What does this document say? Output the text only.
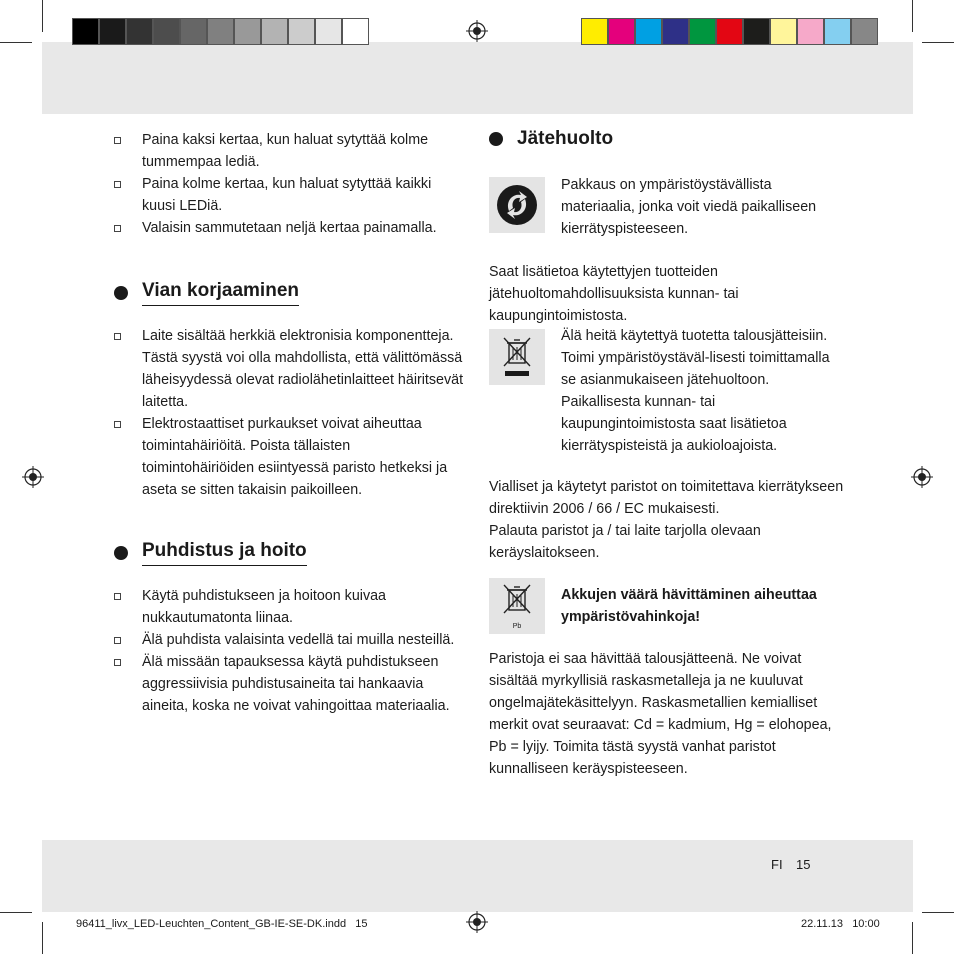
Paina kaksi kertaa, kun haluat sytyttää kolme tummempaa lediä.
Paina kolme kertaa, kun haluat sytyttää kaikki kuusi LEDiä.
Valaisin sammutetaan neljä kertaa painamalla.
Vian korjaaminen
Laite sisältää herkkiä elektronisia komponentteja. Tästä syystä voi olla mahdollista, että välittömässä läheisyydessä olevat radiolähetinlaitteet häiritsevät laitetta.
Elektrostaattiset purkaukset voivat aiheuttaa toimintahäiriöitä. Poista tällaisten toimintohäiriöiden esiintyessä paristo hetkeksi ja aseta se sitten takaisin paikoilleen.
Puhdistus ja hoito
Käytä puhdistukseen ja hoitoon kuivaa nukkautumatonta liinaa.
Älä puhdista valaisinta vedellä tai muilla nesteillä.
Älä missään tapauksessa käytä puhdistukseen aggressiivisia puhdistusaineita tai hankaavia aineita, koska ne voivat vahingoittaa materiaalia.
Jätehuolto
Pakkaus on ympäristöystävällista materiaalia, jonka voit viedä paikalliseen kierrätyspisteeseen.
Saat lisätietoa käytettyjen tuotteiden jätehuoltomahdollisuuksista kunnan- tai kaupungintoimistosta.
Älä heitä käytettyä tuotetta talousjätteisiin. Toimi ympäristöystäväl-lisesti toimittamalla se asianmukaiseen jätehuoltoon. Paikallisesta kunnan- tai kaupungintoimistosta saat lisätietoa kierrätyspisteistä ja aukioloajoista.
Vialliset ja käytetyt paristot on toimitettava kierrätykseen direktiivin 2006 / 66 / EC mukaisesti.
Palauta paristot ja / tai laite tarjolla olevaan keräyslaitokseen.
Pb
Akkujen väärä hävittäminen aiheuttaa ympäristövahinkoja!
Paristoja ei saa hävittää talousjätteenä. Ne voivat sisältää myrkyllisiä raskasmetalleja ja ne kuuluvat ongelmajätekäsittelyyn. Raskasmetallien kemialliset merkit ovat seuraavat: Cd = kadmium, Hg = elohopea, Pb = lyijy. Toimita tästä syystä vanhat paristot kunnalliseen keräyspisteeseen.
FI 15
96411_livx_LED-Leuchten_Content_GB-IE-SE-DK.indd 15	22.11.13 10:00
